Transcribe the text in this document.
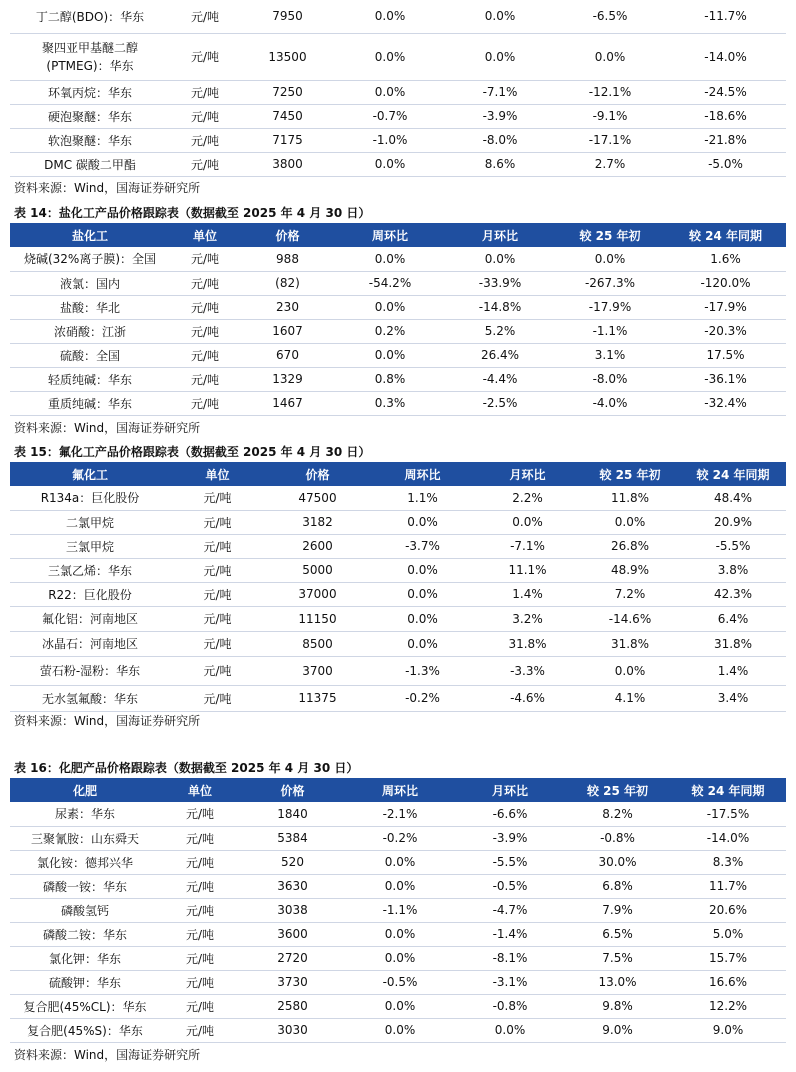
丁二醇(BDO)：华东	元/吨	7950	0.0%	0.0%	-6.5%	-11.7%
聚四亚甲基醚二醇 (PTMEG)：华东	元/吨	13500	0.0%	0.0%	0.0%	-14.0%
环氧丙烷：华东	元/吨	7250	0.0%	-7.1%	-12.1%	-24.5%
硬泡聚醚：华东	元/吨	7450	-0.7%	-3.9%	-9.1%	-18.6%
软泡聚醚：华东	元/吨	7175	-1.0%	-8.0%	-17.1%	-21.8%
DMC 碳酸二甲酯	元/吨	3800	0.0%	8.6%	2.7%	-5.0%
资料来源：Wind，国海证券研究所
表 14：盐化工产品价格跟踪表（数据截至 2025 年 4 月 30 日）
盐化工	单位	价格	周环比	月环比	较 25 年初	较 24 年同期
烧碱(32%离子膜)：全国	元/吨	988	0.0%	0.0%	0.0%	1.6%
液氯：国内	元/吨	(82)	-54.2%	-33.9%	-267.3%	-120.0%
盐酸：华北	元/吨	230	0.0%	-14.8%	-17.9%	-17.9%
浓硝酸：江浙	元/吨	1607	0.2%	5.2%	-1.1%	-20.3%
硫酸：全国	元/吨	670	0.0%	26.4%	3.1%	17.5%
轻质纯碱：华东	元/吨	1329	0.8%	-4.4%	-8.0%	-36.1%
重质纯碱：华东	元/吨	1467	0.3%	-2.5%	-4.0%	-32.4%
资料来源：Wind，国海证券研究所
表 15：氟化工产品价格跟踪表（数据截至 2025 年 4 月 30 日）
氟化工	单位	价格	周环比	月环比	较 25 年初	较 24 年同期
R134a：巨化股份	元/吨	47500	1.1%	2.2%	11.8%	48.4%
二氯甲烷	元/吨	3182	0.0%	0.0%	0.0%	20.9%
三氯甲烷	元/吨	2600	-3.7%	-7.1%	26.8%	-5.5%
三氯乙烯：华东	元/吨	5000	0.0%	11.1%	48.9%	3.8%
R22：巨化股份	元/吨	37000	0.0%	1.4%	7.2%	42.3%
氟化铝：河南地区	元/吨	11150	0.0%	3.2%	-14.6%	6.4%
冰晶石：河南地区	元/吨	8500	0.0%	31.8%	31.8%	31.8%
萤石粉-湿粉：华东	元/吨	3700	-1.3%	-3.3%	0.0%	1.4%
无水氢氟酸：华东	元/吨	11375	-0.2%	-4.6%	4.1%	3.4%
资料来源：Wind，国海证券研究所
表 16：化肥产品价格跟踪表（数据截至 2025 年 4 月 30 日）
化肥	单位	价格	周环比	月环比	较 25 年初	较 24 年同期
尿素：华东	元/吨	1840	-2.1%	-6.6%	8.2%	-17.5%
三聚氰胺：山东舜天	元/吨	5384	-0.2%	-3.9%	-0.8%	-14.0%
氯化铵：德邦兴华	元/吨	520	0.0%	-5.5%	30.0%	8.3%
磷酸一铵：华东	元/吨	3630	0.0%	-0.5%	6.8%	11.7%
磷酸氢钙	元/吨	3038	-1.1%	-4.7%	7.9%	20.6%
磷酸二铵：华东	元/吨	3600	0.0%	-1.4%	6.5%	5.0%
氯化钾：华东	元/吨	2720	0.0%	-8.1%	7.5%	15.7%
硫酸钾：华东	元/吨	3730	-0.5%	-3.1%	13.0%	16.6%
复合肥(45%CL)：华东	元/吨	2580	0.0%	-0.8%	9.8%	12.2%
复合肥(45%S)：华东	元/吨	3030	0.0%	0.0%	9.0%	9.0%
资料来源：Wind，国海证券研究所
